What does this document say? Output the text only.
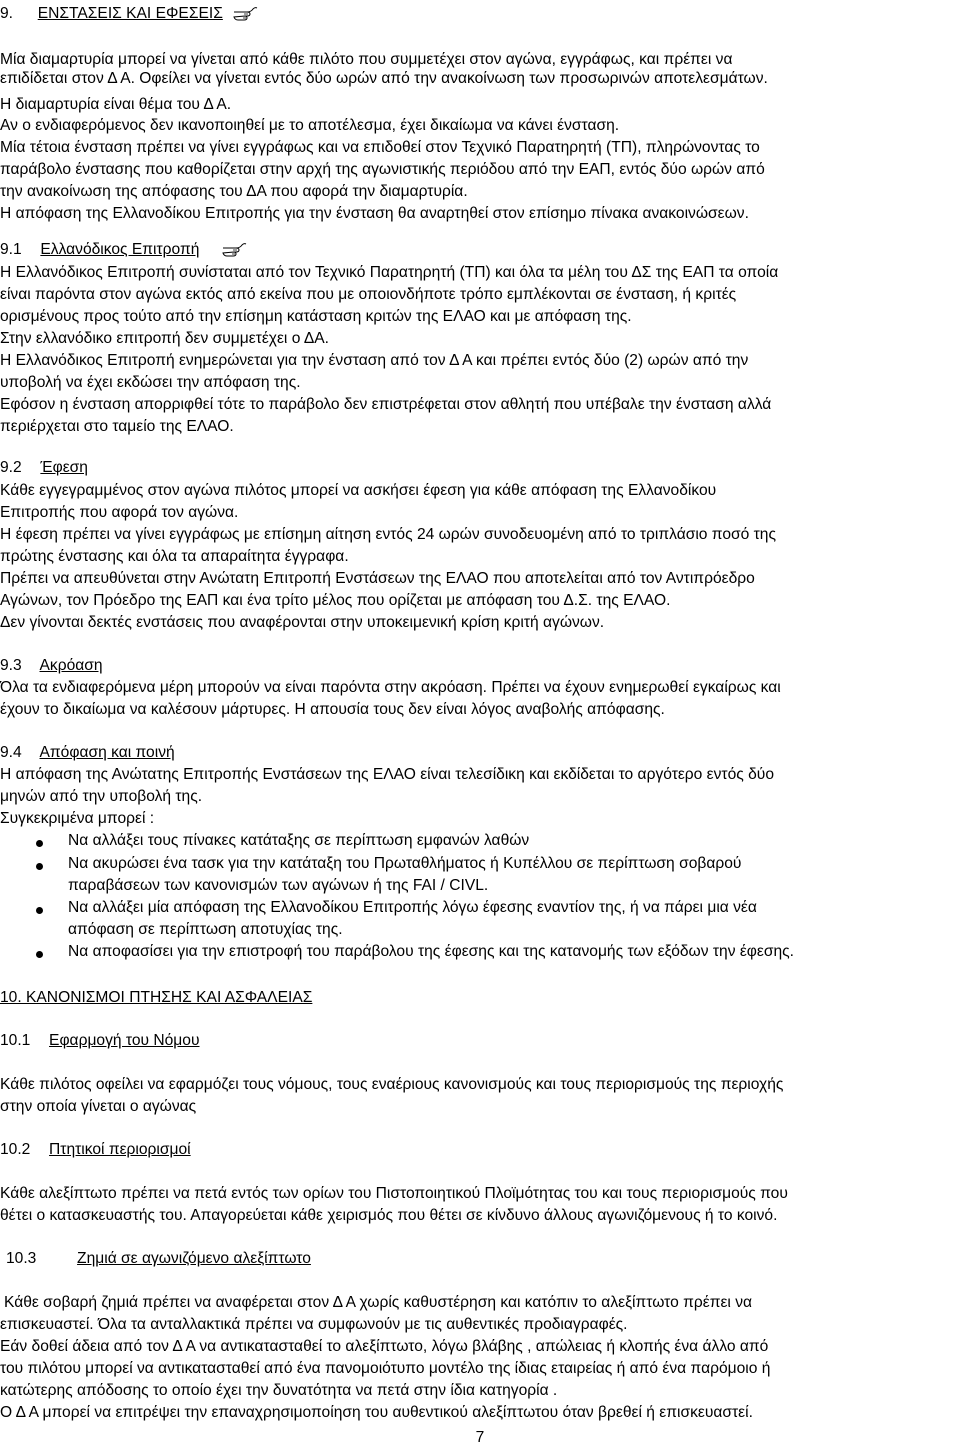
9. ΕΝΣΤΑΣΕΙΣ ΚΑΙ ΕΦΕΣΕΙΣ
Μία διαμαρτυρία μπορεί να γίνεται από κάθε πιλότο που συμμετέχει στον αγώνα, εγγράφως, και πρέπει να
επιδίδεται στον Δ Α. Οφείλει να γίνεται εντός δύο ωρών από την ανακοίνωση των προσωρινών αποτελεσμάτων.
Η διαμαρτυρία είναι θέμα του Δ Α.
Αν ο ενδιαφερόμενος δεν ικανοποιηθεί με το αποτέλεσμα, έχει δικαίωμα να κάνει ένσταση.
Μία τέτοια ένσταση πρέπει να γίνει εγγράφως και να επιδοθεί στον Τεχνικό Παρατηρητή (ΤΠ), πληρώνοντας το
παράβολο ένστασης που καθορίζεται στην αρχή της αγωνιστικής περιόδου από την ΕΑΠ, εντός δύο ωρών από
την ανακοίνωση της απόφασης του ΔΑ που αφορά την διαμαρτυρία.
Η απόφαση της Ελλανοδίκου Επιτροπής για την ένσταση θα αναρτηθεί στον επίσημο πίνακα ανακοινώσεων.
9.1 Ελλανόδικος Επιτροπή
Η Ελλανόδικος Επιτροπή συνίσταται από τον Τεχνικό Παρατηρητή (ΤΠ) και όλα τα μέλη του ΔΣ της ΕΑΠ τα οποία
είναι παρόντα στον αγώνα εκτός από εκείνα που με οποιονδήποτε τρόπο εμπλέκονται σε ένσταση, ή κριτές
ορισμένους προς τούτο από την επίσημη κατάσταση κριτών της ΕΛΑΟ και με απόφαση της.
Στην ελλανόδικο επιτροπή δεν συμμετέχει ο ΔΑ.
Η Ελλανόδικος Επιτροπή ενημερώνεται για την ένσταση από τον Δ Α και πρέπει εντός δύο (2) ωρών από την
υποβολή να έχει εκδώσει την απόφαση της.
Εφόσον η ένσταση απορριφθεί τότε το παράβολο δεν επιστρέφεται στον αθλητή που υπέβαλε την ένσταση αλλά
περιέρχεται στο ταμείο της ΕΛΑΟ.
9.2 Έφεση
Κάθε εγγεγραμμένος στον αγώνα πιλότος μπορεί να ασκήσει έφεση για κάθε απόφαση της Ελλανοδίκου
Επιτροπής που αφορά τον αγώνα.
Η έφεση πρέπει να γίνει εγγράφως με επίσημη αίτηση εντός 24 ωρών συνοδευομένη από το τριπλάσιο ποσό της
πρώτης ένστασης και όλα τα απαραίτητα έγγραφα.
Πρέπει να απευθύνεται στην Ανώτατη Επιτροπή Ενστάσεων της ΕΛΑΟ που αποτελείται από τον Αντιπρόεδρο
Αγώνων, τον Πρόεδρο της ΕΑΠ και ένα τρίτο μέλος που ορίζεται με απόφαση του Δ.Σ. της ΕΛΑΟ.
Δεν γίνονται δεκτές ενστάσεις που αναφέρονται στην υποκειμενική κρίση κριτή αγώνων.
9.3 Ακρόαση
Όλα τα ενδιαφερόμενα μέρη μπορούν να είναι παρόντα στην ακρόαση. Πρέπει να έχουν ενημερωθεί εγκαίρως και
έχουν το δικαίωμα να καλέσουν μάρτυρες. Η απουσία τους δεν είναι λόγος αναβολής απόφασης.
9.4 Απόφαση και ποινή
Η απόφαση της Ανώτατης Επιτροπής Ενστάσεων της ΕΛΑΟ είναι τελεσίδικη και εκδίδεται το αργότερο εντός δύο
μηνών από την υποβολή της.
Συγκεκριμένα μπορεί :
Να αλλάξει τους πίνακες κατάταξης σε περίπτωση εμφανών λαθών
Να ακυρώσει ένα τασκ για την κατάταξη του Πρωταθλήματος ή Κυπέλλου σε περίπτωση σοβαρού
παραβάσεων των κανονισμών των αγώνων ή της FAI / CIVL.
Να αλλάξει μία απόφαση της Ελλανοδίκου Επιτροπής λόγω έφεσης εναντίον της, ή να πάρει μια νέα
απόφαση σε περίπτωση αποτυχίας της.
Να αποφασίσει για την επιστροφή του παράβολου της έφεσης και της κατανομής των εξόδων την έφεσης.
10. ΚΑΝΟΝΙΣΜΟΙ ΠΤΗΣΗΣ ΚΑΙ ΑΣΦΑΛΕΙΑΣ
10.1 Εφαρμογή του Νόμου
Κάθε πιλότος οφείλει να εφαρμόζει τους νόμους, τους εναέριους κανονισμούς και τους περιορισμούς της περιοχής
στην οποία γίνεται ο αγώνας
10.2 Πτητικοί περιορισμοί
Κάθε αλεξίπτωτο πρέπει να πετά εντός των ορίων του Πιστοποιητικού Πλοϊμότητας του και τους περιορισμούς που
θέτει ο κατασκευαστής του. Απαγορεύεται κάθε χειρισμός που θέτει σε κίνδυνο άλλους αγωνιζόμενους ή το κοινό.
10.3	Ζημιά σε αγωνιζόμενο αλεξίπτωτο
Κάθε σοβαρή ζημιά πρέπει να αναφέρεται στον Δ Α χωρίς καθυστέρηση και κατόπιν το αλεξίπτωτο πρέπει να
επισκευαστεί. Όλα τα ανταλλακτικά πρέπει να συμφωνούν με τις αυθεντικές προδιαγραφές.
Εάν δοθεί άδεια από τον Δ Α να αντικατασταθεί το αλεξίπτωτο, λόγω βλάβης , απώλειας ή κλοπής ένα άλλο από
του πιλότου μπορεί να αντικατασταθεί από ένα πανομοιότυπο μοντέλο της ίδιας εταιρείας ή από ένα παρόμοιο ή
κατώτερης απόδοσης το οποίο έχει την δυνατότητα να πετά στην ίδια κατηγορία .
Ο Δ Α μπορεί να επιτρέψει την επαναχρησιμοποίηση του αυθεντικού αλεξίπτωτου όταν βρεθεί ή επισκευαστεί.
7
